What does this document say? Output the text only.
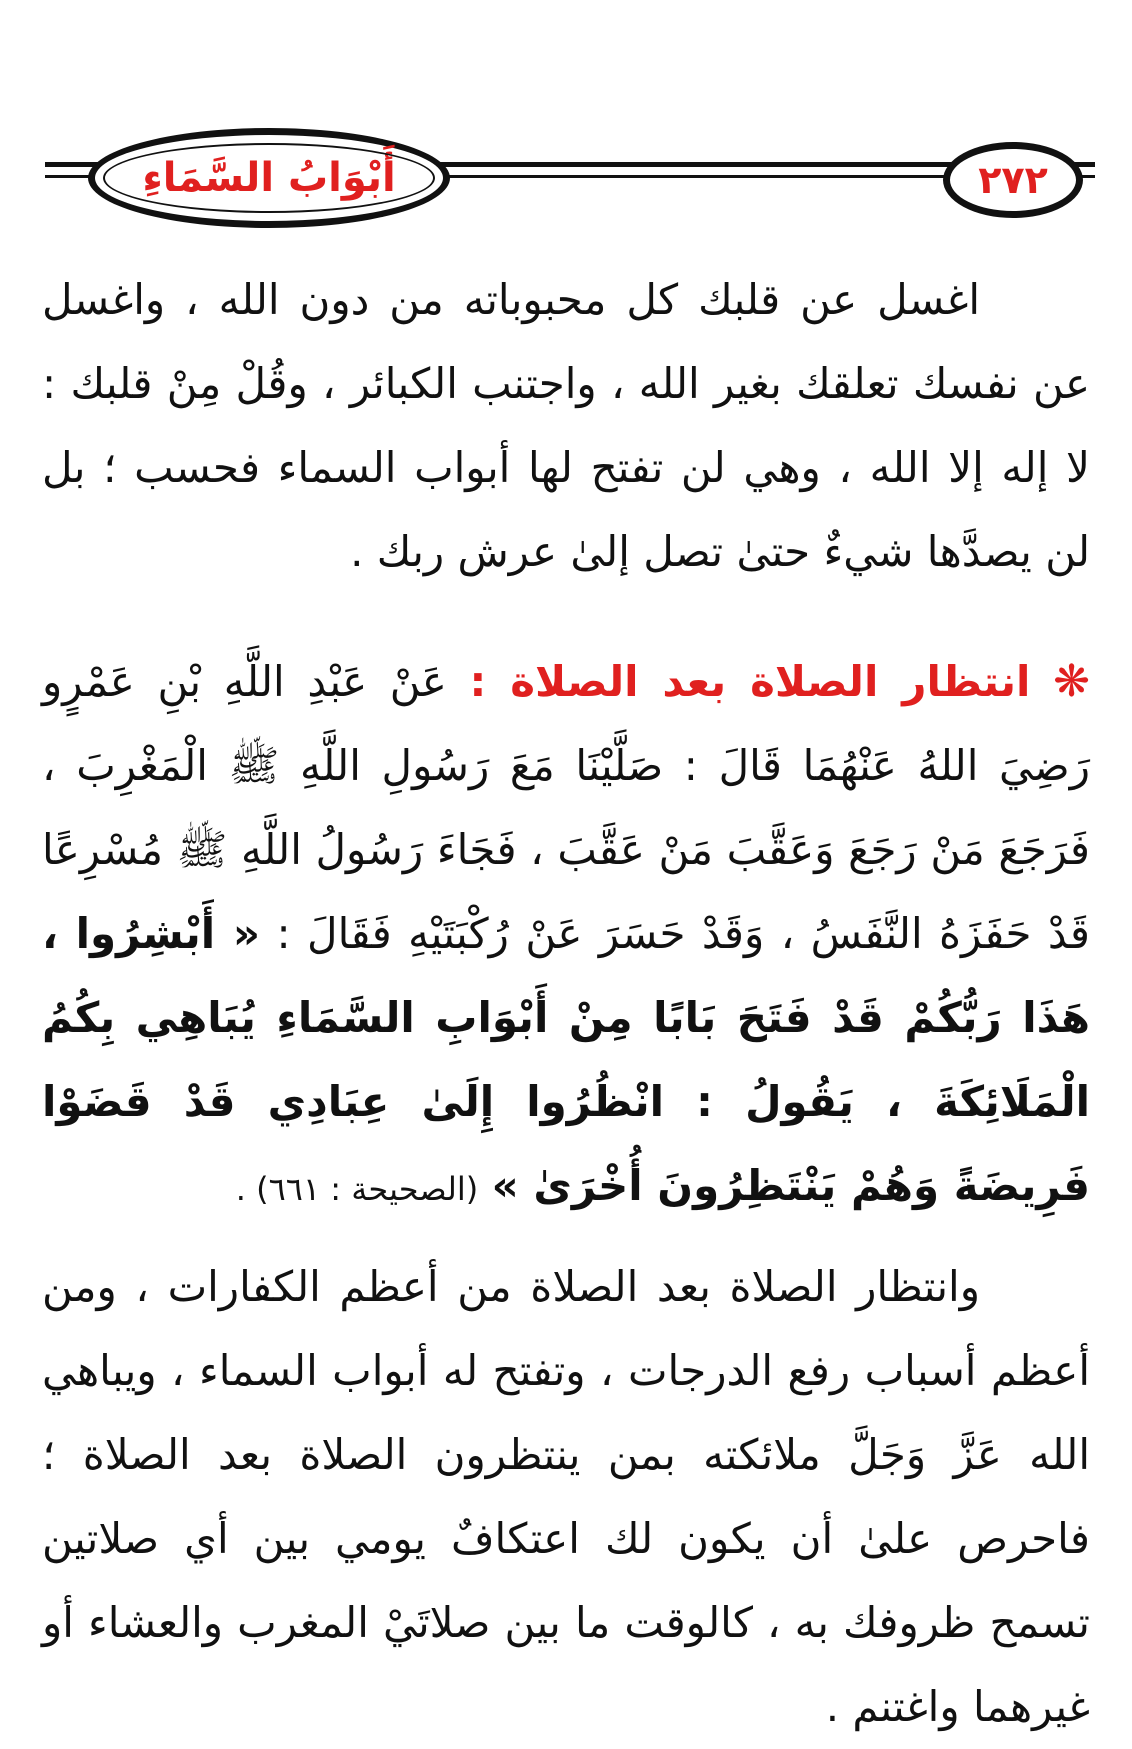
أَبْوَابُ السَّمَاءِ	٢٧٢

اغسل عن قلبك كل محبوباته من دون الله ، واغسل عن نفسك تعلقك بغير الله ، واجتنب الكبائر ، وقُلْ مِنْ قلبك : لا إله إلا الله ، وهي لن تفتح لها أبواب السماء فحسب ؛ بل لن يصدَّها شيءٌ حتىٰ تصل إلىٰ عرش ربك .

❋ انتظار الصلاة بعد الصلاة : عَنْ عَبْدِ اللَّهِ بْنِ عَمْرٍو رَضِيَ اللهُ عَنْهُمَا قَالَ : صَلَّيْنَا مَعَ رَسُولِ اللَّهِ ﷺ الْمَغْرِبَ ، فَرَجَعَ مَنْ رَجَعَ وَعَقَّبَ مَنْ عَقَّبَ ، فَجَاءَ رَسُولُ اللَّهِ ﷺ مُسْرِعًا قَدْ حَفَزَهُ النَّفَسُ ، وَقَدْ حَسَرَ عَنْ رُكْبَتَيْهِ فَقَالَ : « أَبْشِرُوا ، هَذَا رَبُّكُمْ قَدْ فَتَحَ بَابًا مِنْ أَبْوَابِ السَّمَاءِ يُبَاهِي بِكُمُ الْمَلَائِكَةَ ، يَقُولُ : انْظُرُوا إِلَىٰ عِبَادِي قَدْ قَضَوْا فَرِيضَةً وَهُمْ يَنْتَظِرُونَ أُخْرَىٰ » (الصحيحة : ٦٦١) .

وانتظار الصلاة بعد الصلاة من أعظم الكفارات ، ومن أعظم أسباب رفع الدرجات ، وتفتح له أبواب السماء ، ويباهي الله عَزَّ وَجَلَّ ملائكته بمن ينتظرون الصلاة بعد الصلاة ؛ فاحرص علىٰ أن يكون لك اعتكافٌ يومي بين أي صلاتين تسمح ظروفك به ، كالوقت ما بين صلاتَيْ المغرب والعشاء أو غيرهما واغتنم .
